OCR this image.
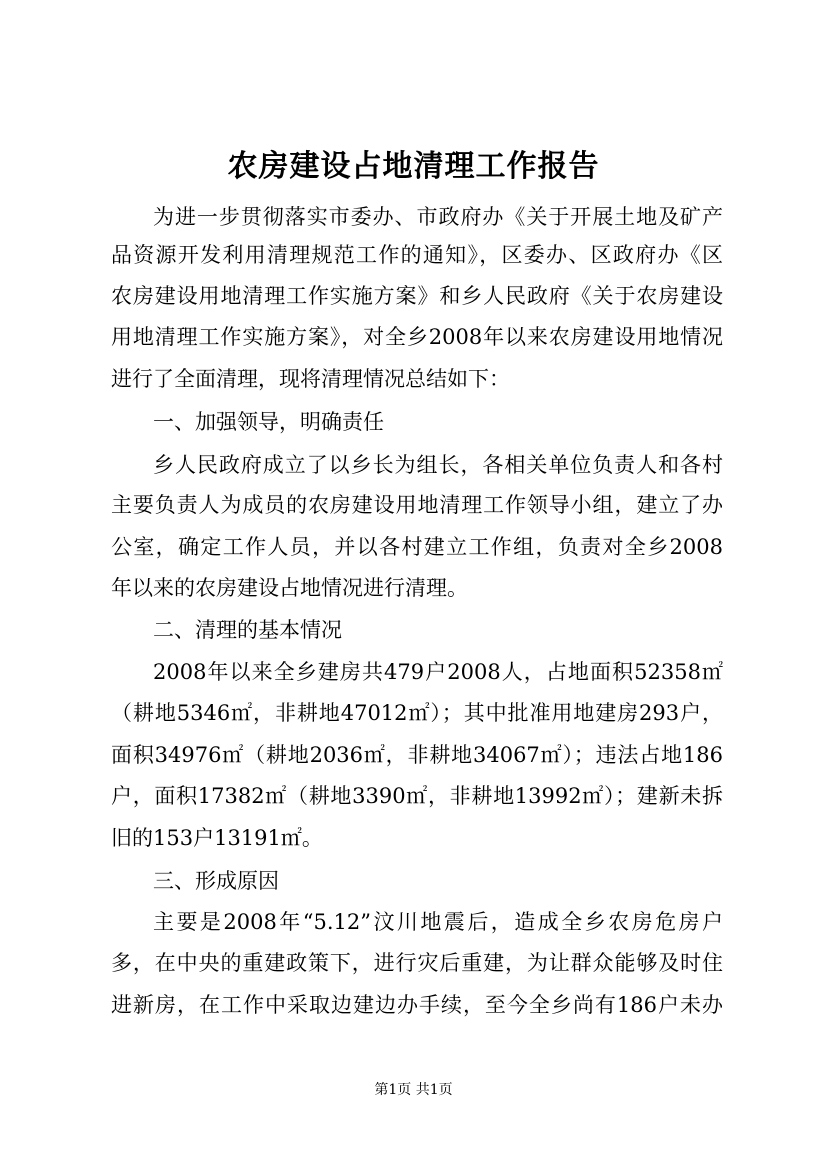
农房建设占地清理工作报告
为进一步贯彻落实市委办、市政府办《关于开展土地及矿产
品资源开发利用清理规范工作的通知》，区委办、区政府办《区
农房建设用地清理工作实施方案》和乡人民政府《关于农房建设
用地清理工作实施方案》，对全乡2008年以来农房建设用地情况
进行了全面清理，现将清理情况总结如下：
一、加强领导，明确责任
乡人民政府成立了以乡长为组长，各相关单位负责人和各村
主要负责人为成员的农房建设用地清理工作领导小组，建立了办
公室，确定工作人员，并以各村建立工作组，负责对全乡2008
年以来的农房建设占地情况进行清理。
二、清理的基本情况
2008年以来全乡建房共479户2008人，占地面积52358㎡
（耕地5346㎡，非耕地47012㎡）；其中批准用地建房293户，
面积34976㎡（耕地2036㎡，非耕地34067㎡）；违法占地186
户，面积17382㎡（耕地3390㎡，非耕地13992㎡）；建新未拆
旧的153户13191㎡。
三、形成原因
主要是2008年“5.12”汶川地震后，造成全乡农房危房户
多，在中央的重建政策下，进行灾后重建，为让群众能够及时住
进新房，在工作中采取边建边办手续，至今全乡尚有186户未办
第1页 共1页
